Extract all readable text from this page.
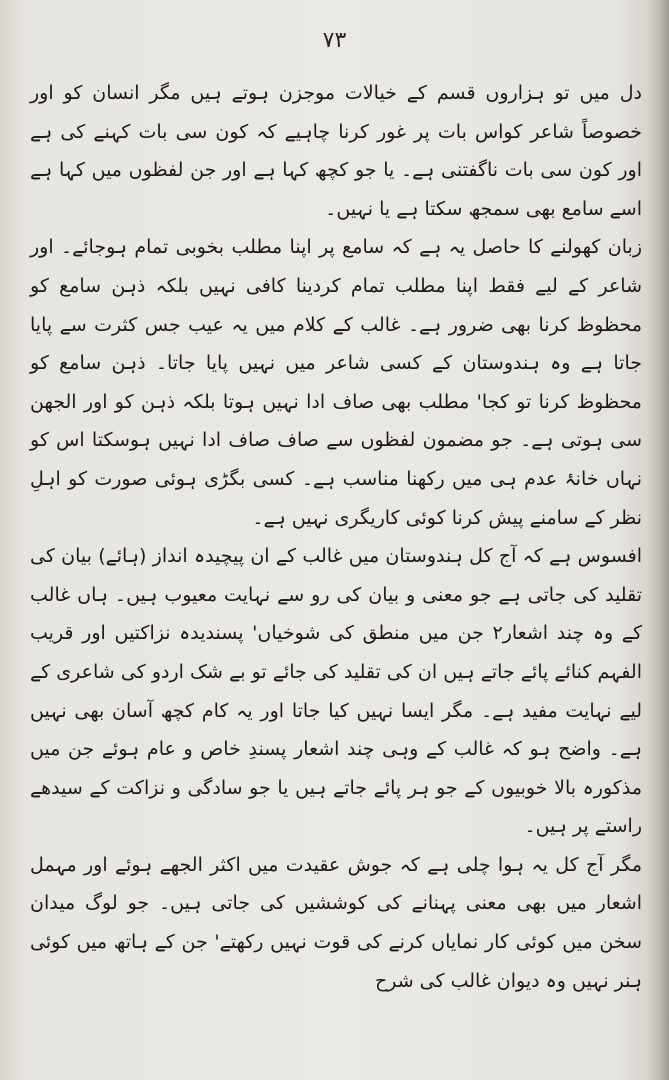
۷۳

دل میں تو ہزاروں قسم کے خیالات موجزن ہوتے ہیں مگر انسان کو اور خصوصاً شاعر کواس بات پر غور کرنا چاہیے کہ کون سی بات کہنے کی ہے اور کون سی بات ناگفتنی ہے۔ یا جو کچھ کہا ہے اور جن لفظوں میں کہا ہے اسے سامع بھی سمجھ سکتا ہے یا نہیں۔

زبان کھولنے کا حاصل یہ ہے کہ سامع پر اپنا مطلب بخوبی تمام ہوجائے۔ اور شاعر کے لیے فقط اپنا مطلب تمام کردینا کافی نہیں بلکہ ذہن سامع کو محظوظ کرنا بھی ضرور ہے۔ غالب کے کلام میں یہ عیب جس کثرت سے پایا جاتا ہے وہ ہندوستان کے کسی شاعر میں نہیں پایا جاتا۔ ذہن سامع کو محظوظ کرنا تو کجا' مطلب بھی صاف ادا نہیں ہوتا بلکہ ذہن کو اور الجھن سی ہوتی ہے۔ جو مضمون لفظوں سے صاف صاف ادا نہیں ہوسکتا اس کو نہاں خانۂ عدم ہی میں رکھنا مناسب ہے۔ کسی بگڑی ہوئی صورت کو اہلِ نظر کے سامنے پیش کرنا کوئی کاریگری نہیں ہے۔

افسوس ہے کہ آج کل ہندوستان میں غالب کے ان پیچیدہ انداز (ہائے) بیان کی تقلید کی جاتی ہے جو معنی و بیان کی رو سے نہایت معیوب ہیں۔ ہاں غالب کے وہ چند اشعار۲ جن میں منطق کی شوخیاں' پسندیدہ نزاکتیں اور قریب الفہم کنائے پائے جاتے ہیں ان کی تقلید کی جائے تو بے شک اردو کی شاعری کے لیے نہایت مفید ہے۔ مگر ایسا نہیں کیا جاتا اور یہ کام کچھ آسان بھی نہیں ہے۔ واضح ہو کہ غالب کے وہی چند اشعار پسندِ خاص و عام ہوئے جن میں مذکورہ بالا خوبیوں کے جو ہر پائے جاتے ہیں یا جو سادگی و نزاکت کے سیدھے راستے پر ہیں۔

مگر آج کل یہ ہوا چلی ہے کہ جوش عقیدت میں اکثر الجھے ہوئے اور مہمل اشعار میں بھی معنی پہنانے کی کوششیں کی جاتی ہیں۔ جو لوگ میدان سخن میں کوئی کار نمایاں کرنے کی قوت نہیں رکھتے' جن کے ہاتھ میں کوئی ہنر نہیں وہ دیوان غالب کی شرح
